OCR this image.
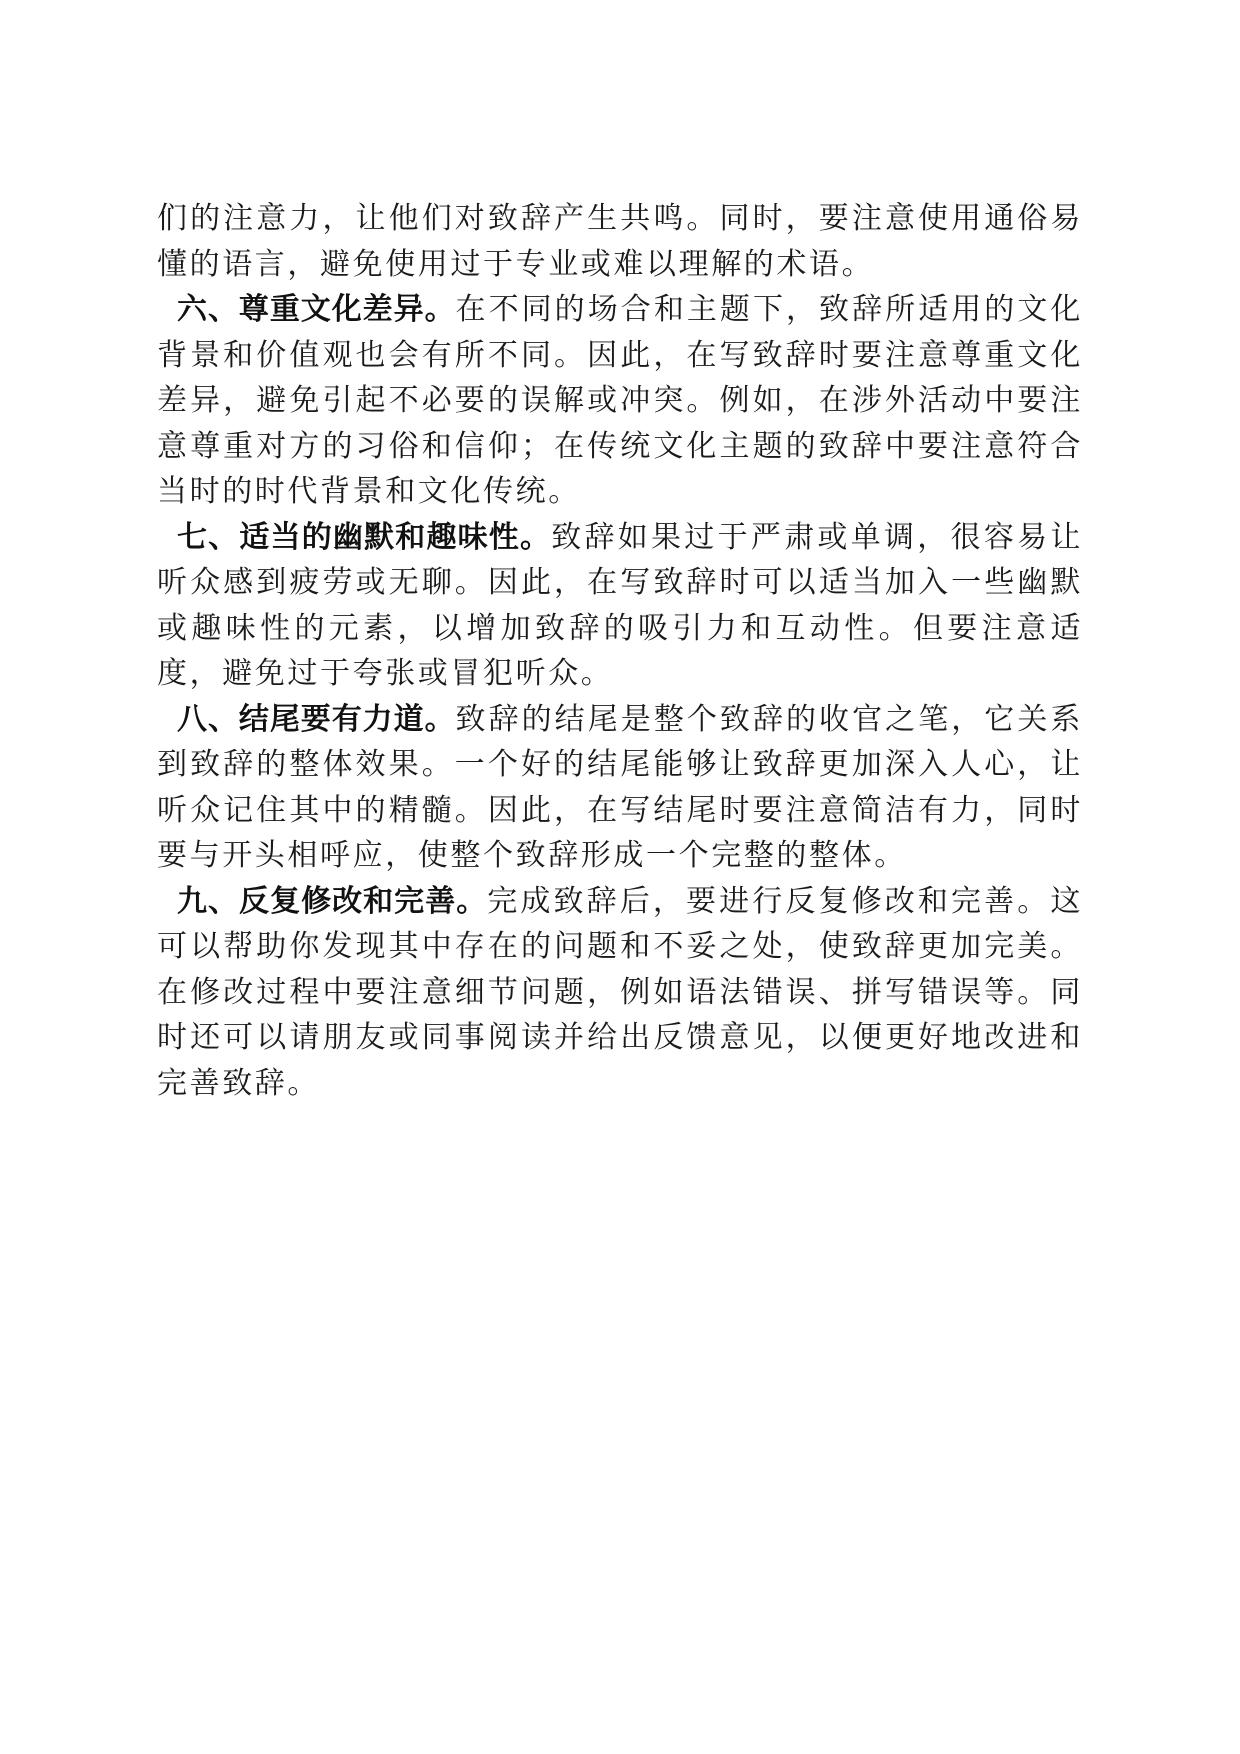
们的注意力，让他们对致辞产生共鸣。同时，要注意使用通俗易懂的语言，避免使用过于专业或难以理解的术语。

六、尊重文化差异。在不同的场合和主题下，致辞所适用的文化背景和价值观也会有所不同。因此，在写致辞时要注意尊重文化差异，避免引起不必要的误解或冲突。例如，在涉外活动中要注意尊重对方的习俗和信仰；在传统文化主题的致辞中要注意符合当时的时代背景和文化传统。

七、适当的幽默和趣味性。致辞如果过于严肃或单调，很容易让听众感到疲劳或无聊。因此，在写致辞时可以适当加入一些幽默或趣味性的元素，以增加致辞的吸引力和互动性。但要注意适度，避免过于夸张或冒犯听众。

八、结尾要有力道。致辞的结尾是整个致辞的收官之笔，它关系到致辞的整体效果。一个好的结尾能够让致辞更加深入人心，让听众记住其中的精髓。因此，在写结尾时要注意简洁有力，同时要与开头相呼应，使整个致辞形成一个完整的整体。

九、反复修改和完善。完成致辞后，要进行反复修改和完善。这可以帮助你发现其中存在的问题和不妥之处，使致辞更加完美。在修改过程中要注意细节问题，例如语法错误、拼写错误等。同时还可以请朋友或同事阅读并给出反馈意见，以便更好地改进和完善致辞。
